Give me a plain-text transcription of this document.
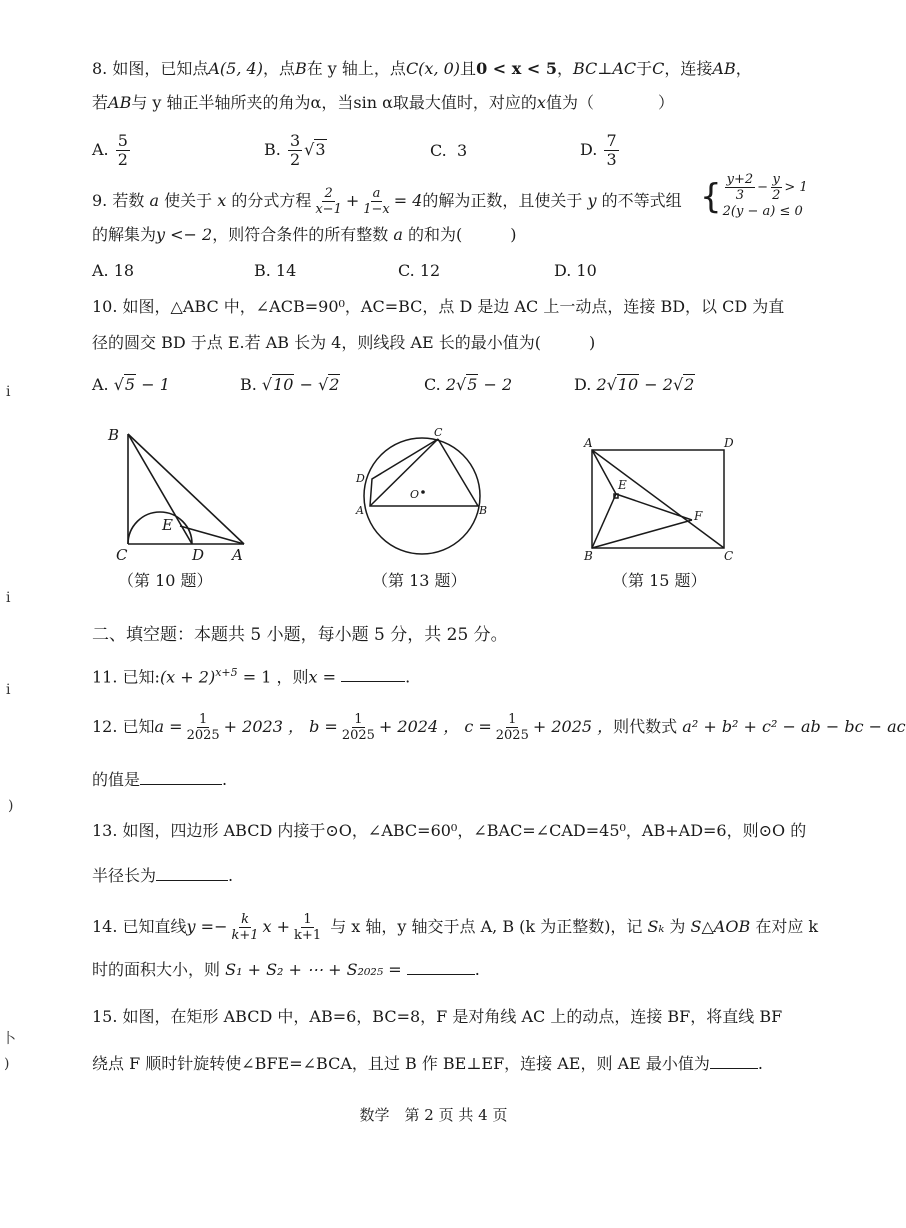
8. 如图，已知点A(5, 4)，点B在 y 轴上，点C(x, 0)且0 < x < 5，BC⊥AC于C，连接AB，
若AB与 y 轴正半轴所夹的角为α，当sin α取最大值时，对应的x值为（　　　　）
A. $\frac{5}{2}$	B. $\frac{3}{2} √3$	C. 3	D. $\frac{7}{3}$
9. 若数 a 使关于 x 的分式方程 $\frac{2}{x-1} + \frac{a}{1-x} = 4$的解为正数，且使关于 y 的不等式组 { $\frac{y+2}{3} - \frac{y}{2} > 1$
2(y − a) ≤ 0
的解集为y <− 2，则符合条件的所有整数 a 的和为(　　　)
A. 18	B. 14	C. 12	D. 10
10. 如图，△ABC 中，∠ACB=90⁰，AC=BC，点 D 是边 AC 上一动点，连接 BD，以 CD 为直
径的圆交 BD 于点 E.若 AB 长为 4，则线段 AE 长的最小值为(　　　)
A. √5 − 1	B. √10 − √2	C. 2√5 − 2	D. 2√10 − 2√2
B
C	D A
E
（第 10 题）
C
D
O
A	B
（第 13 题）
A	D
E
F
B	C
（第 15 题）
二、填空题：本题共 5 小题，每小题 5 分，共 25 分。
11. 已知:(x + 2)$^{x+5}$ = 1 ，则x =	.
12. 已知$a = \frac{1}{2025} + 2023$ ， $b = \frac{1}{2025} + 2024$ ， $c = \frac{1}{2025} + 2025$ ，则代数式 a² + b² + c² − ab − bc − ac
的值是	.
13. 如图，四边形 ABCD 内接于⊙O，∠ABC=60⁰，∠BAC=∠CAD=45⁰，AB+AD=6，则⊙O 的
半径长为	.
14. 已知直线$y =- \frac{k}{k+1}$ $x + \frac{1}{k+1}$ 与 x 轴，y 轴交于点 A, B (k 为正整数)，记 Sₖ 为 S△AOB 在对应 k
时的面积大小，则 S₁ + S₂ + ⋯ + S₂₀₂₅ =	.
15. 如图，在矩形 ABCD 中，AB=6，BC=8，F 是对角线 AC 上的动点，连接 BF，将直线 BF
绕点 F 顺时针旋转使∠BFE=∠BCA，且过 B 作 BE⊥EF，连接 AE，则 AE 最小值为	.
数学　第 2 页 共 4 页
ⅰ
ⅰ
ⅰ
)
卜
)
